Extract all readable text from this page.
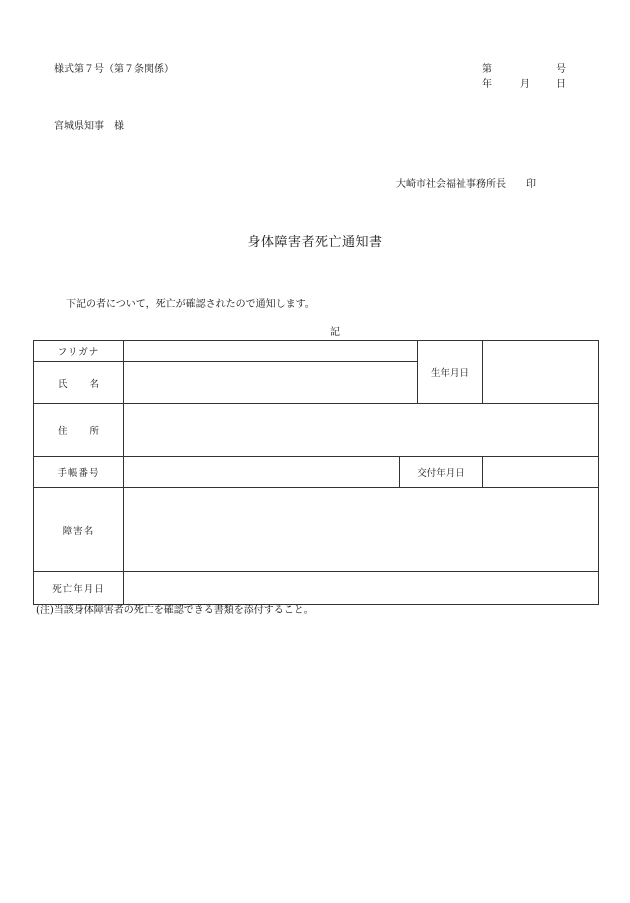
様式第７号（第７条関係）	第	号
年	月	日
宮城県知事　様
大崎市社会福祉事務所長　　印
身体障害者死亡通知書
下記の者について，死亡が確認されたので通知します。
記
フリガナ			生年月日	
氏名				
住所				
手帳番号		交付年月日		
障害名				
死亡年月日				
(注)当該身体障害者の死亡を確認できる書類を添付すること。
